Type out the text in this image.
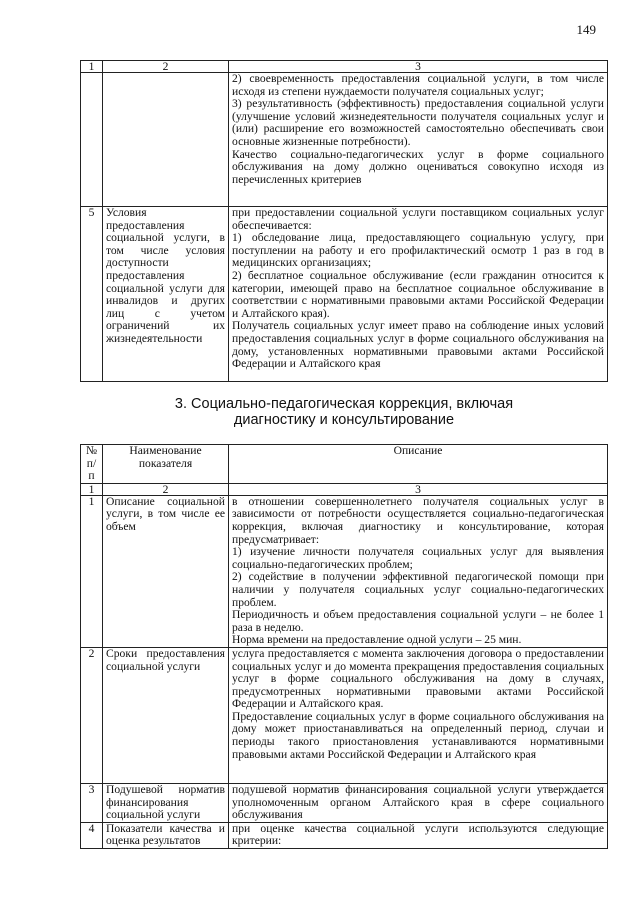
149
1	2	3

		2) своевременность предоставления социальной услуги, в том числе исходя из степени нуждаемости получателя социальных услуг;
3) результативность (эффективность) предоставления социальной услуги (улучшение условий жизнедеятельности получателя социальных услуг и (или) расширение его возможностей самостоятельно обеспечивать свои основные жизненные потребности).
Качество социально-педагогических услуг в форме социального обслуживания на дому должно оцениваться совокупно исходя из перечисленных критериев

5	Условия предоставления социальной услуги, в том числе условия доступности предоставления социальной услуги для инвалидов и других лиц с учетом ограничений их жизнедеятельности	при предоставлении социальной услуги поставщиком социальных услуг обеспечивается:
1) обследование лица, предоставляющего социальную услугу, при поступлении на работу и его профилактический осмотр 1 раз в год в медицинских организациях;
2) бесплатное социальное обслуживание (если гражданин относится к категории, имеющей право на бесплатное социальное обслуживание в соответствии с нормативными правовыми актами Российской Федерации и Алтайского края).
Получатель социальных услуг имеет право на соблюдение иных условий предоставления социальных услуг в форме социального обслуживания на дому, установленных нормативными правовыми актами Российской Федерации и Алтайского края
3. Социально-педагогическая коррекция, включая
диагностику и консультирование
№ п/п	Наименование показателя	Описание
1	2	3
1	Описание социальной услуги, в том числе ее объем	в отношении совершеннолетнего получателя социальных услуг в зависимости от потребности осуществляется социально-педагогическая коррекция, включая диагностику и консультирование, которая предусматривает:
1) изучение личности получателя социальных услуг для выявления социально-педагогических проблем;
2) содействие в получении эффективной педагогической помощи при наличии у получателя социальных услуг социально-педагогических проблем.
Периодичность и объем предоставления социальной услуги – не более 1 раза в неделю.
Норма времени на предоставление одной услуги – 25 мин.

2	Сроки предоставления социальной услуги	услуга предоставляется с момента заключения договора о предоставлении социальных услуг и до момента прекращения предоставления социальных услуг в форме социального обслуживания на дому в случаях, предусмотренных нормативными правовыми актами Российской Федерации и Алтайского края.
Предоставление социальных услуг в форме социального обслуживания на дому может приостанавливаться на определенный период, случаи и периоды такого приостановления устанавливаются нормативными правовыми актами Российской Федерации и Алтайского края

3	Подушевой норматив финансирования социальной услуги	подушевой норматив финансирования социальной услуги утверждается уполномоченным органом Алтайского края в сфере социального обслуживания

4	Показатели качества и оценка результатов	при оценке качества социальной услуги используются следующие критерии:
